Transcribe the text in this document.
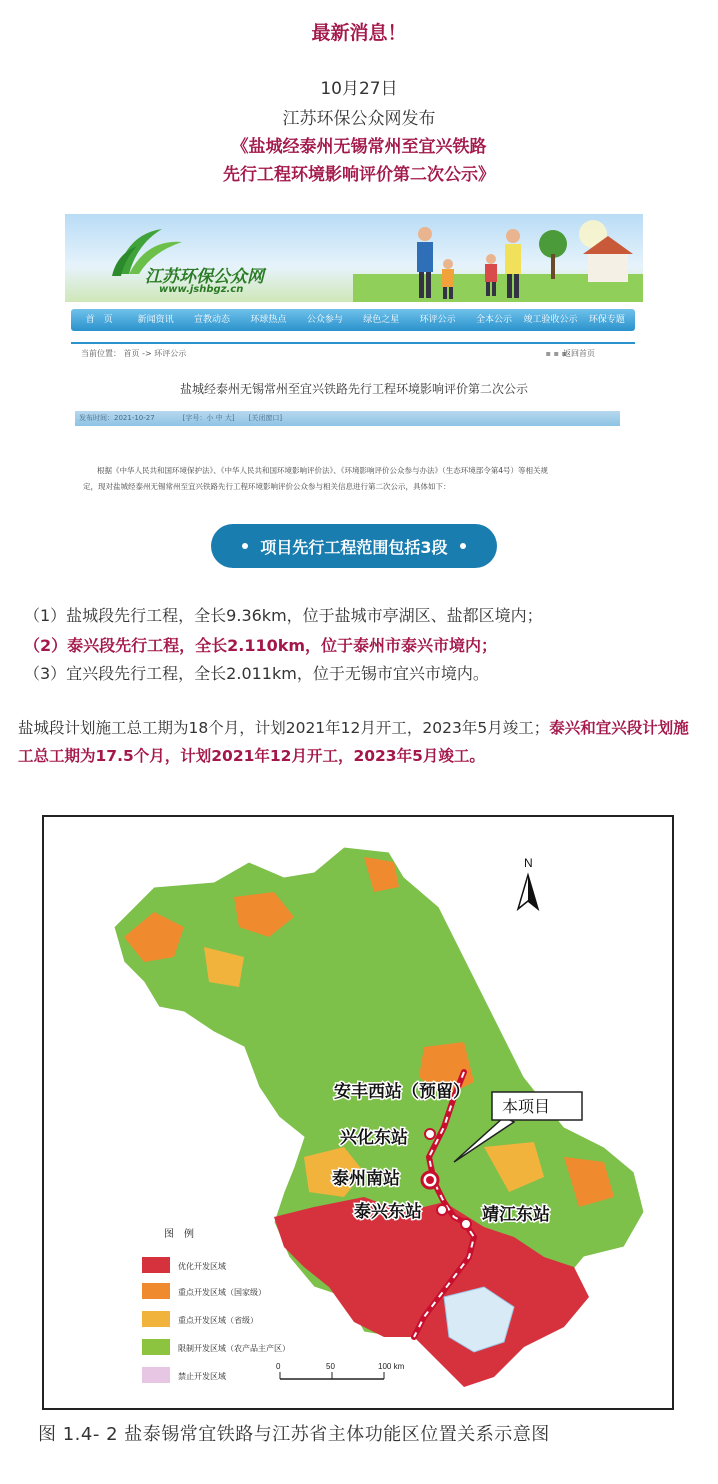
最新消息！
10月27日
江苏环保公众网发布
《盐城经泰州无锡常州至宜兴铁路
先行工程环境影响评价第二次公示》
江苏环保公众网
www.jshbgz.cn
首　页	新闻资讯	宣教动态	环球热点	公众参与	绿色之星	环评公示	全本公示	竣工验收公示	环保专题
当前位置： 首页 -> 环评公示	▪ ▪ ▪
返回首页
盐城经泰州无锡常州至宜兴铁路先行工程环境影响评价第二次公示
发布时间：2021-10-27　　　　[字号：小 中 大]　　[关闭窗口]
根据《中华人民共和国环境保护法》、《中华人民共和国环境影响评价法》、《环境影响评价公众参与办法》（生态环境部令第4号）等相关规
定，现对盐城经泰州无锡常州至宜兴铁路先行工程环境影响评价公众参与相关信息进行第二次公示，具体如下：
项目先行工程范围包括3段
（1）盐城段先行工程，全长9.36km，位于盐城市亭湖区、盐都区境内；
（2）泰兴段先行工程，全长2.110km，位于泰州市泰兴市境内；
（3）宜兴段先行工程，全长2.011km，位于无锡市宜兴市境内。
盐城段计划施工总工期为18个月，计划2021年12月开工，2023年5月竣工；泰兴和宜兴段计划施工总工期为17.5个月，计划2021年12月开工，2023年5月竣工。
本项目
安丰西站（预留）
兴化东站
泰州南站
泰兴东站	靖江东站
N
图　例
优化开发区域
重点开发区域（国家级）
重点开发区域（省级）
限制开发区域（农产品主产区）
禁止开发区域
0	50	100 km
图 1.4- 2 盐泰锡常宜铁路与江苏省主体功能区位置关系示意图
